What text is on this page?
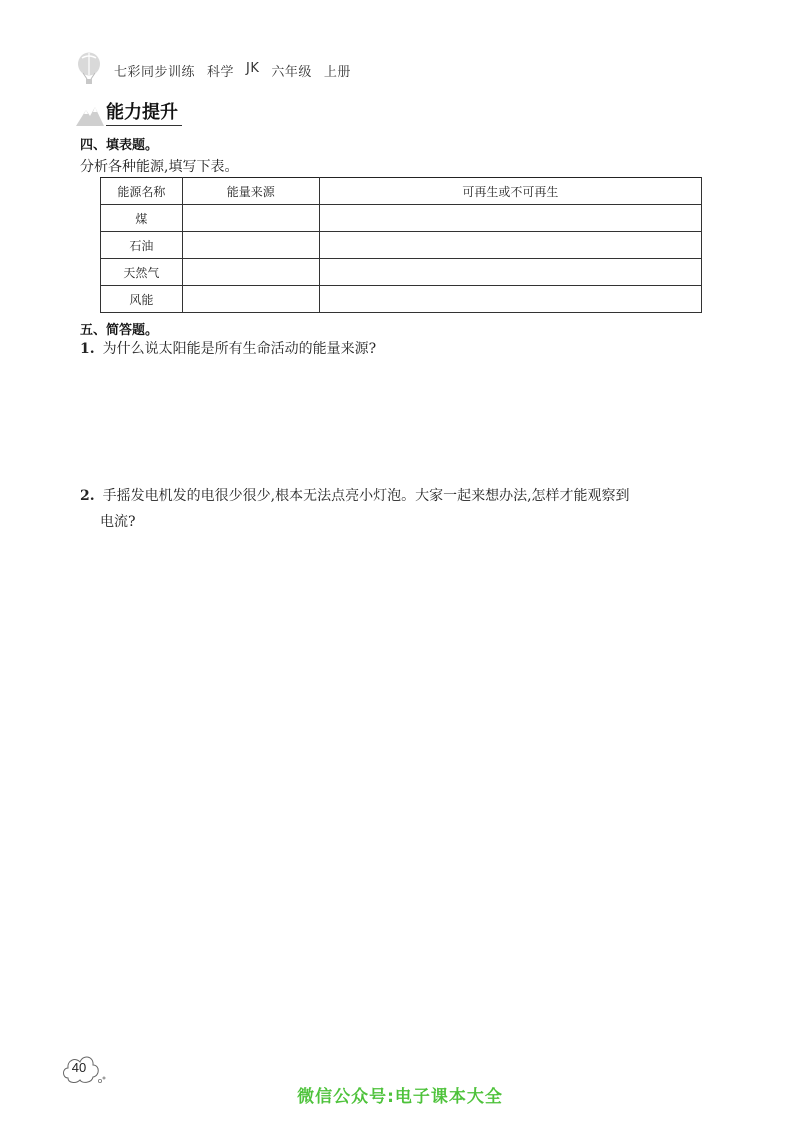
七彩同步训练 科学 JK 六年级 上册
能力提升
四、填表题。
分析各种能源,填写下表。
能源名称	能量来源	可再生或不可再生
煤		
石油		
天然气		
风能		
五、简答题。
1. 为什么说太阳能是所有生命活动的能量来源?
2. 手摇发电机发的电很少很少,根本无法点亮小灯泡。大家一起来想办法,怎样才能观察到
电流?
40
微信公众号:电子课本大全
